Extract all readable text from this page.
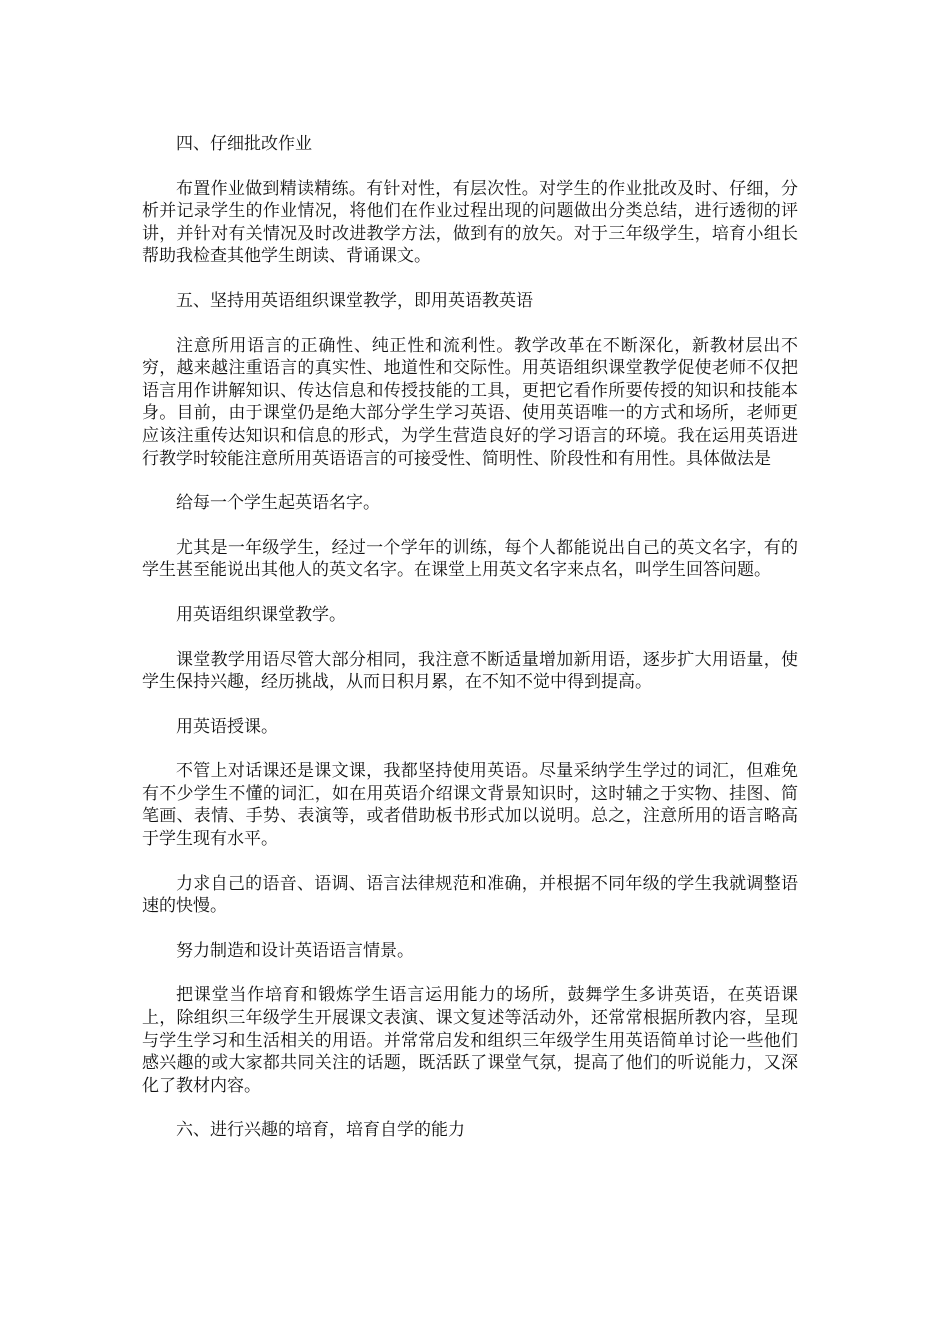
四、仔细批改作业

布置作业做到精读精练。有针对性，有层次性。对学生的作业批改及时、仔细，分析并记录学生的作业情况，将他们在作业过程出现的问题做出分类总结，进行透彻的评讲，并针对有关情况及时改进教学方法，做到有的放矢。对于三年级学生，培育小组长帮助我检查其他学生朗读、背诵课文。

五、坚持用英语组织课堂教学，即用英语教英语

注意所用语言的正确性、纯正性和流利性。教学改革在不断深化，新教材层出不穷，越来越注重语言的真实性、地道性和交际性。用英语组织课堂教学促使老师不仅把语言用作讲解知识、传达信息和传授技能的工具，更把它看作所要传授的知识和技能本身。目前，由于课堂仍是绝大部分学生学习英语、使用英语唯一的方式和场所，老师更应该注重传达知识和信息的形式，为学生营造良好的学习语言的环境。我在运用英语进行教学时较能注意所用英语语言的可接受性、简明性、阶段性和有用性。具体做法是

给每一个学生起英语名字。

尤其是一年级学生，经过一个学年的训练，每个人都能说出自己的英文名字，有的学生甚至能说出其他人的英文名字。在课堂上用英文名字来点名，叫学生回答问题。

用英语组织课堂教学。

课堂教学用语尽管大部分相同，我注意不断适量增加新用语，逐步扩大用语量，使学生保持兴趣，经历挑战，从而日积月累，在不知不觉中得到提高。

用英语授课。

不管上对话课还是课文课，我都坚持使用英语。尽量采纳学生学过的词汇，但难免有不少学生不懂的词汇，如在用英语介绍课文背景知识时，这时辅之于实物、挂图、简笔画、表情、手势、表演等，或者借助板书形式加以说明。总之，注意所用的语言略高于学生现有水平。

力求自己的语音、语调、语言法律规范和准确，并根据不同年级的学生我就调整语速的快慢。

努力制造和设计英语语言情景。

把课堂当作培育和锻炼学生语言运用能力的场所，鼓舞学生多讲英语，在英语课上，除组织三年级学生开展课文表演、课文复述等活动外，还常常根据所教内容，呈现与学生学习和生活相关的用语。并常常启发和组织三年级学生用英语简单讨论一些他们感兴趣的或大家都共同关注的话题，既活跃了课堂气氛，提高了他们的听说能力，又深化了教材内容。

六、进行兴趣的培育，培育自学的能力
